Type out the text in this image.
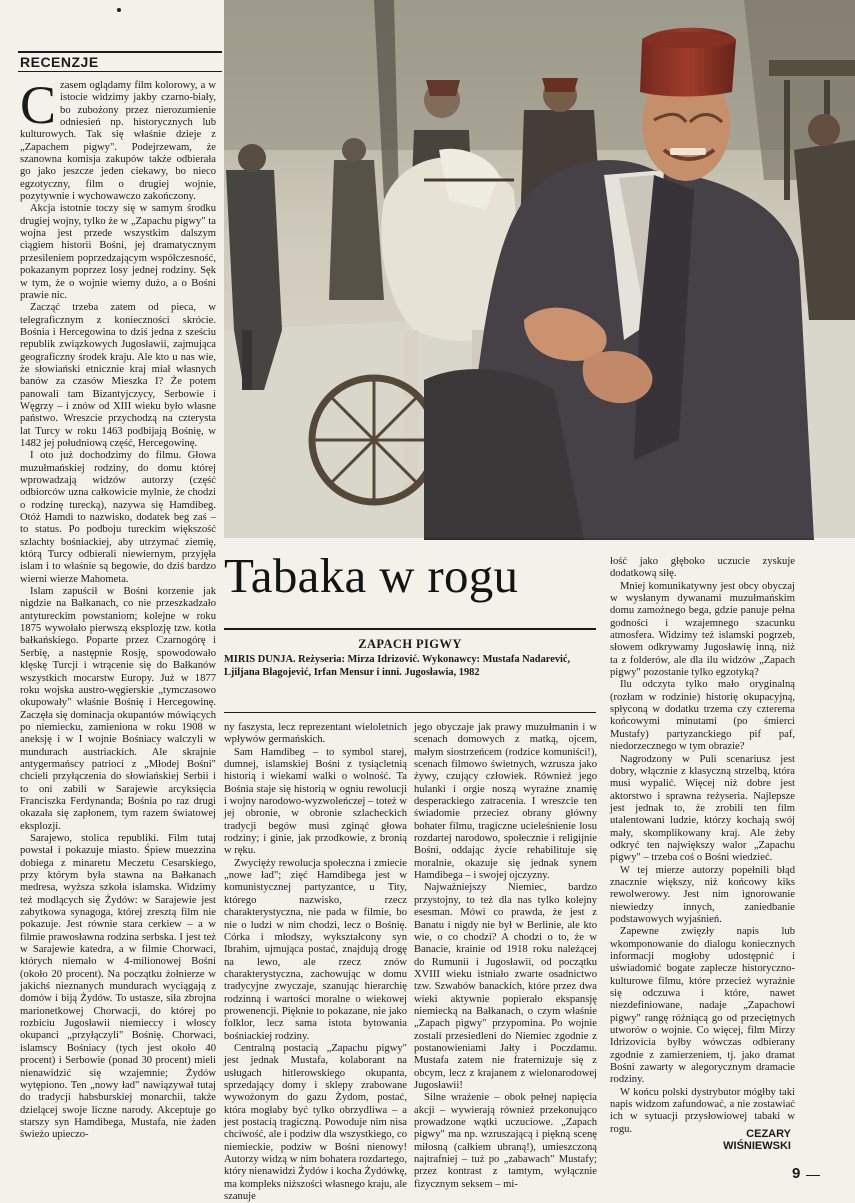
RECENZJE
C zasem oglądamy film kolorowy, a w istocie widzimy jakby czarno-biały, bo zubożony przez nierozumienie odniesień np. historycznych lub kulturowych. Tak się właśnie dzieje z „Zapachem pigwy". Podejrzewam, że szanowna komisja zakupów także odbierała go jako jeszcze jeden ciekawy, bo nieco egzotyczny, film o drugiej wojnie, pozytywnie i wychowawczo zakończony.

Akcja istotnie toczy się w samym środku drugiej wojny, tylko że w „Zapachu pigwy" ta wojna jest przede wszystkim dalszym ciągiem historii Bośni, jej dramatycznym przesileniem poprzedzającym współczesność, pokazanym poprzez losy jednej rodziny. Sęk w tym, że o wojnie wiemy dużo, a o Bośni prawie nic.

Zacząć trzeba zatem od pieca, w telegraficznym z konieczności skrócie. Bośnia i Hercegowina to dziś jedna z sześciu republik związkowych Jugosławii, zajmująca geograficzny środek kraju. Ale kto u nas wie, że słowiański etnicznie kraj miał własnych banów za czasów Mieszka I? Że potem panowali tam Bizantyjczycy, Serbowie i Węgrzy – i znów od XIII wieku było własne państwo. Wreszcie przychodzą na czterysta lat Turcy w roku 1463 podbijają Bośnię, w 1482 jej południową część, Hercegowinę.

I oto już dochodzimy do filmu. Głowa muzułmańskiej rodziny, do domu której wprowadzają widzów autorzy (część odbiorców uzna całkowicie mylnie, że chodzi o rodzinę turecką), nazywa się Hamdibeg. Otóż Hamdi to nazwisko, dodatek beg zaś – to status. Po podboju tureckim większość szlachty bośniackiej, aby utrzymać ziemię, którą Turcy odbierali niewiernym, przyjęła islam i to właśnie są begowie, do dziś bardzo wierni wierze Mahometa.

Islam zapuścił w Bośni korzenie jak nigdzie na Bałkanach, co nie przeszkadzało antytureckim powstaniom; kolejne w roku 1875 wywołało pierwszą eksplozję tzw. kotła bałkańskiego. Poparte przez Czarnogórę i Serbię, a następnie Rosję, spowodowało klęskę Turcji i wtrącenie się do Bałkanów wszystkich mocarstw Europy. Już w 1877 roku wojska austro-węgierskie „tymczasowo okupowały" właśnie Bośnię i Hercegowinę. Zaczęła się dominacja okupantów mówiących po niemiecku, zamieniona w roku 1908 w aneksję i w I wojnie Bośniacy walczyli w mundurach austriackich. Ale skrajnie antygermańscy patrioci z „Młodej Bośni" chcieli przyłączenia do słowiańskiej Serbii i to oni zabili w Sarajewie arcyksięcia Franciszka Ferdynanda; Bośnia po raz drugi okazała się zapłonem, tym razem światowej eksplozji.

Sarajewo, stolica republiki. Film tutaj powstał i pokazuje miasto. Śpiew muezzina dobiega z minaretu Meczetu Cesarskiego, przy którym była stawna na Bałkanach medresa, wyższa szkoła islamska. Widzimy też modlących się Żydów: w Sarajewie jest zabytkowa synagoga, której zresztą film nie pokazuje. Jest równie stara cerkiew – a w filmie prawosławna rodzina serbska. I jest też w Sarajewie katedra, a w filmie Chorwaci, których niemało w 4-milionowej Bośni (około 20 procent). Na początku żołnierze w jakichś nieznanych mundurach wyciągają z domów i biją Żydów. To ustasze, siła zbrojna marionetkowej Chorwacji, do której po rozbiciu Jugosławii niemieccy i włoscy okupanci „przyłączyli" Bośnię. Chorwaci, islamscy Bośniacy (tych jest około 40 procent) i Serbowie (ponad 30 procent) mieli nienawidzić się wzajemnie; Żydów wytępiono. Ten „nowy ład" nawiązywał tutaj do tradycji habsburskiej monarchii, także dzielącej swoje liczne narody. Akceptuje go starszy syn Hamdibega, Mustafa, nie żaden świeżo upieczo-

Tabaka w rogu
ZAPACH PIGWY
MIRIS DUNJA. Reżyseria: Mirza Idrizović. Wykonawcy: Mustafa Nadarević, Ljiljana Blagojević, Irfan Mensur i inni. Jugosławia, 1982

ny faszysta, lecz reprezentant wieloletnich wpływów germańskich.

Sam Hamdibeg – to symbol starej, dumnej, islamskiej Bośni z tysiącletnią historią i wiekami walki o wolność. Ta Bośnia staje się historią w ogniu rewolucji i wojny narodowo-wyzwoleńczej – toteż w jej obronie, w obronie szlacheckich tradycji begów musi zginąć głowa rodziny; i ginie, jak przodkowie, z bronią w ręku.

Zwycięży rewolucja społeczna i zmiecie „nowe ład"; zięć Hamdibega jest w komunistycznej partyzantce, u Tity, którego nazwisko, rzecz charakterystyczna, nie pada w filmie, bo nie o ludzi w nim chodzi, lecz o Bośnię. Córka i młodszy, wykształcony syn Ibrahim, ujmująca postać, znajdują drogę na lewo, ale rzecz znów charakterystyczna, zachowując w domu tradycyjne zwyczaje, szanując hierarchię rodzinną i wartości moralne o wiekowej prowenencji. Pięknie to pokazane, nie jako folklor, lecz sama istota bytowania bośniackiej rodziny.

Centralną postacią „Zapachu pigwy" jest jednak Mustafa, kolaborant na usługach hitlerowskiego okupanta, sprzedający domy i sklepy zrabowane wywożonym do gazu Żydom, postać, która mogłaby być tylko obrzydliwa – a jest postacią tragiczną. Powoduje nim nisa chciwość, ale i podziw dla wszystkiego, co niemieckie, podziw w Bośni nienowy! Autorzy widzą w nim bohatera rozdartego, który nienawidzi Żydów i kocha Żydówkę, ma kompleks niższości własnego kraju, ale szanuje

jego obyczaje jak prawy muzułmanin i w scenach domowych z matką, ojcem, małym siostrzeńcem (rodzice komuniści!), scenach filmowo świetnych, wzrusza jako żywy, czujący człowiek. Również jego hulanki i orgie noszą wyraźne znamię desperackiego zatracenia. I wreszcie ten świadomie przeciez obrany główny bohater filmu, tragiczne ucieleśnienie losu rozdartej narodowo, społecznie i religijnie Bośni, oddając życie rehabilituje się moralnie, okazuje się jednak synem Hamdibega – i swojej ojczyzny.

Najważniejszy Niemiec, bardzo przystojny, to też dla nas tylko kolejny esesman. Mówi co prawda, że jest z Banatu i nigdy nie był w Berlinie, ale kto wie, o co chodzi? A chodzi o to, że w Banacie, krainie od 1918 roku należącej do Rumunii i Jugosławii, od początku XVIII wieku istniało zwarte osadnictwo tzw. Szwabów banackich, które przez dwa wieki aktywnie popierało ekspansję niemiecką na Bałkanach, o czym właśnie „Zapach pigwy" przypomina. Po wojnie zostali przesiedleni do Niemiec zgodnie z postanowieniami Jałty i Poczdamu. Mustafa zatem nie fraternizuje się z obcym, lecz z krajanem z wielonarodowej Jugosławii!

Silne wrażenie – obok pełnej napięcia akcji – wywierają również przekonująco prowadzone wątki uczuciowe. „Zapach pigwy" ma np. wzruszającą i piękną scenę miłosną (całkiem ubraną!), umieszczoną najtrafniej – tuż po „zabawach" Mustafy; przez kontrast z tamtym, wyłącznie fizycznym seksem – mi-

łość jako głęboko uczucie zyskuje dodatkową siłę.

Mniej komunikatywny jest obcy obyczaj w wysłanym dywanami muzułmańskim domu zamożnego bega, gdzie panuje pełna godności i wzajemnego szacunku atmosfera. Widzimy też islamski pogrzeb, słowem odkrywamy Jugosławię inną, niż ta z folderów, ale dla ilu widzów „Zapach pigwy" pozostanie tylko egzotyką?

Ilu odczyta tylko mało oryginalną (rozłam w rodzinie) historię okupacyjną, spłyconą w dodatku trzema czy czterema końcowymi minutami (po śmierci Mustafy) partyzanckiego pif paf, niedorzecznego w tym obrazie?

Nagrodzony w Puli scenariusz jest dobry, włącznie z klasyczną strzelbą, która musi wypalić. Więcej niż dobre jest aktorstwo i sprawna reżyseria. Najlepsze jest jednak to, że zrobili ten film utalentowani ludzie, którzy kochają swój mały, skomplikowany kraj. Ale żeby odkryć ten największy walor „Zapachu pigwy" – trzeba coś o Bośni wiedzieć.

W tej mierze autorzy popełnili błąd znacznie większy, niż końcowy kiks rewolwerowy. Jest nim ignorowanie niewiedzy innych, zaniedbanie podstawowych wyjaśnień.

Zapewne zwięzły napis lub wkomponowanie do dialogu koniecznych informacji mogłoby udostępnić i uświadomić bogate zaplecze historyczno-kulturowe filmu, które przecież wyraźnie się odczuwa i które, nawet niezdefiniowane, nadaje „Zapachowi pigwy" rangę różniącą go od przeciętnych utworów o wojnie. Co więcej, film Mirzy Idrizovicia byłby wówczas odbierany zgodnie z zamierzeniem, tj. jako dramat Bośni zawarty w alegorycznym dramacie rodziny.

W końcu polski dystrybutor mógłby taki napis widzom zafundować, a nie zostawiać ich w sytuacji przysłowiowej tabaki w rogu.	CEZARY
WIŚNIEWSKI
9
